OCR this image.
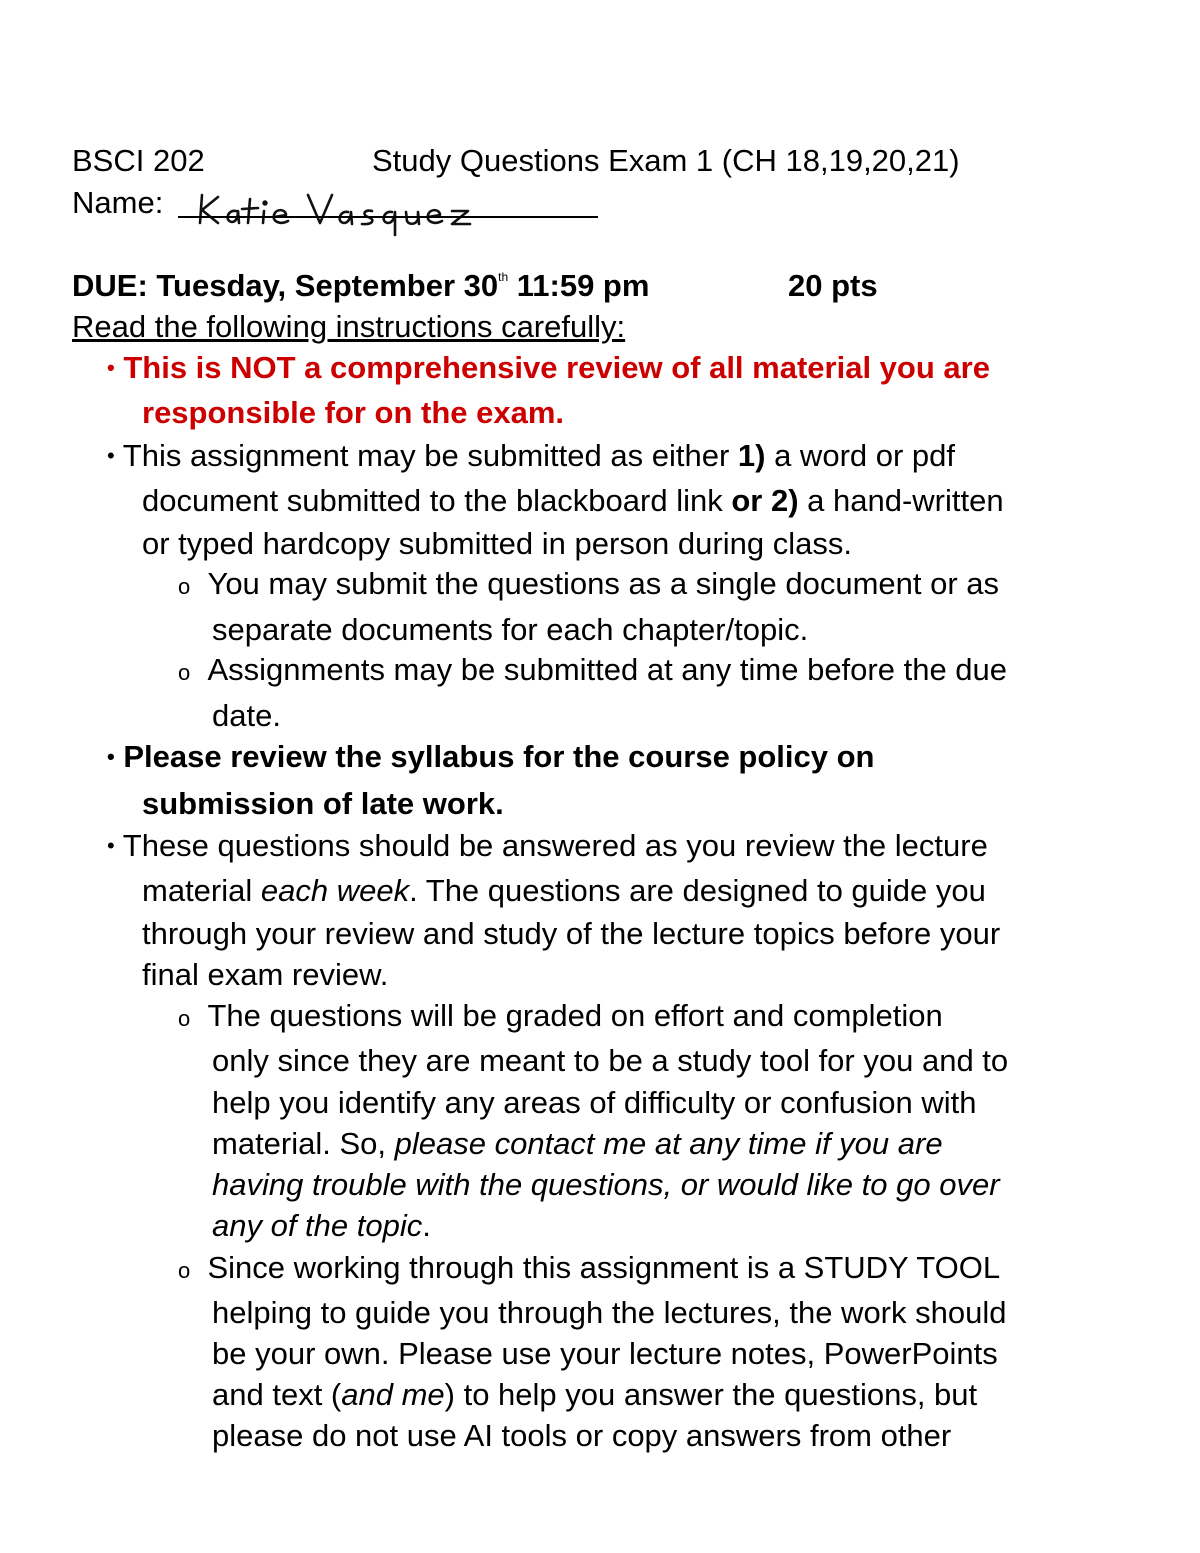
BSCI 202	Study Questions Exam 1 (CH 18,19,20,21)
Name:
DUE: Tuesday, September 30th 11:59 pm	20 pts
Read the following instructions carefully:
• This is NOT a comprehensive review of all material you are
responsible for on the exam.
• This assignment may be submitted as either 1) a word or pdf
document submitted to the blackboard link or 2) a hand-written
or typed hardcopy submitted in person during class.
o You may submit the questions as a single document or as
separate documents for each chapter/topic.
o Assignments may be submitted at any time before the due
date.
• Please review the syllabus for the course policy on
submission of late work.
• These questions should be answered as you review the lecture
material each week. The questions are designed to guide you
through your review and study of the lecture topics before your
final exam review.
o The questions will be graded on effort and completion
only since they are meant to be a study tool for you and to
help you identify any areas of difficulty or confusion with
material. So, please contact me at any time if you are
having trouble with the questions, or would like to go over
any of the topic.
o Since working through this assignment is a STUDY TOOL
helping to guide you through the lectures, the work should
be your own. Please use your lecture notes, PowerPoints
and text (and me) to help you answer the questions, but
please do not use AI tools or copy answers from other
